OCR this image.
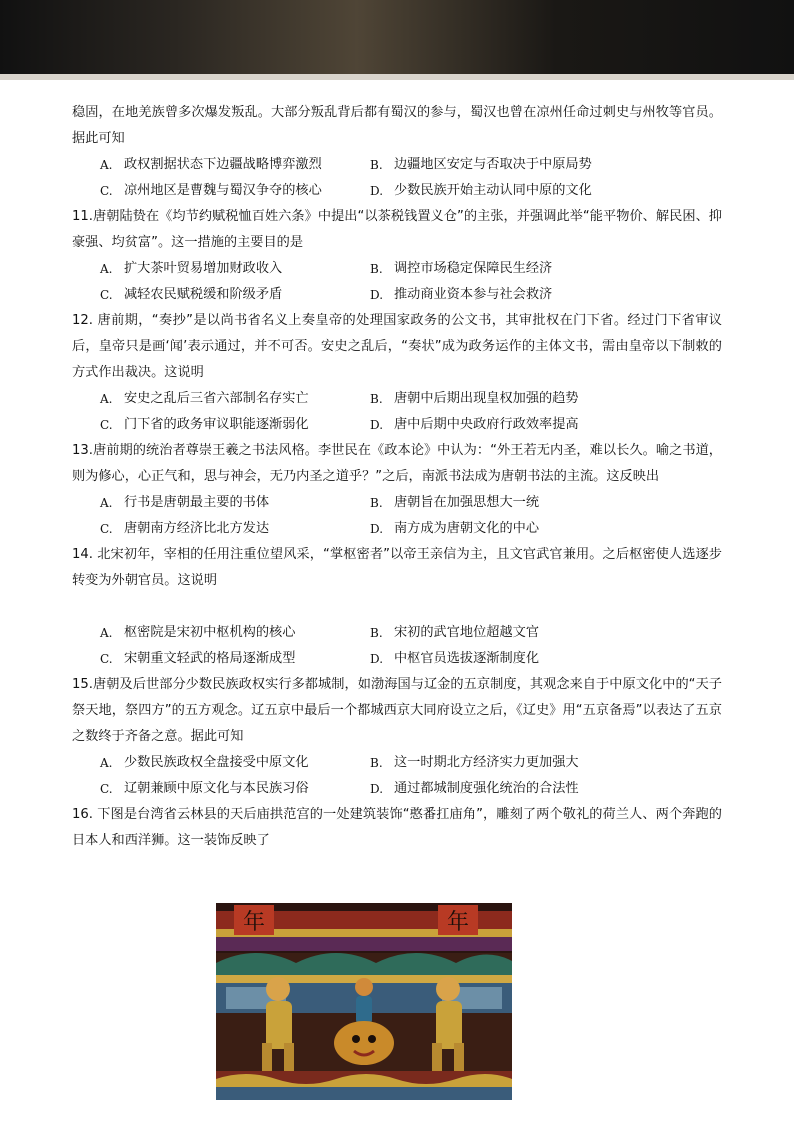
稳固，在地羌族曾多次爆发叛乱。大部分叛乱背后都有蜀汉的参与，蜀汉也曾在凉州任命过刺史与州牧等官员。据此可知

A. 政权割据状态下边疆战略博弈激烈	B. 边疆地区安定与否取决于中原局势
C. 凉州地区是曹魏与蜀汉争夺的核心	D. 少数民族开始主动认同中原的文化

11.唐朝陆贽在《均节约赋税恤百姓六条》中提出“以茶税钱置义仓”的主张，并强调此举“能平物价、解民困、抑豪强、均贫富”。这一措施的主要目的是

A. 扩大茶叶贸易增加财政收入	B. 调控市场稳定保障民生经济
C. 减轻农民赋税缓和阶级矛盾	D. 推动商业资本参与社会救济

12. 唐前期，“奏抄”是以尚书省名义上奏皇帝的处理国家政务的公文书，其审批权在门下省。经过门下省审议后，皇帝只是画‘闻’表示通过，并不可否。安史之乱后，“奏状”成为政务运作的主体文书，需由皇帝以下制敕的方式作出裁决。这说明

A. 安史之乱后三省六部制名存实亡	B. 唐朝中后期出现皇权加强的趋势
C. 门下省的政务审议职能逐渐弱化	D. 唐中后期中央政府行政效率提高

13.唐前期的统治者尊崇王羲之书法风格。李世民在《政本论》中认为：“外王若无内圣，难以长久。喻之书道，则为修心，心正气和，思与神会，无乃内圣之道乎？”之后，南派书法成为唐朝书法的主流。这反映出

A. 行书是唐朝最主要的书体	B. 唐朝旨在加强思想大一统
C. 唐朝南方经济比北方发达	D. 南方成为唐朝文化的中心

14. 北宋初年，宰相的任用注重位望风采，“掌枢密者”以帝王亲信为主，且文官武官兼用。之后枢密使人选逐步转变为外朝官员。这说明

A. 枢密院是宋初中枢机构的核心	B. 宋初的武官地位超越文官
C. 宋朝重文轻武的格局逐渐成型	D. 中枢官员选拔逐渐制度化

15.唐朝及后世部分少数民族政权实行多都城制，如渤海国与辽金的五京制度，其观念来自于中原文化中的“天子祭天地，祭四方”的五方观念。辽五京中最后一个都城西京大同府设立之后，《辽史》用“五京备焉”以表达了五京之数终于齐备之意。据此可知

A. 少数民族政权全盘接受中原文化	B. 这一时期北方经济实力更加强大
C. 辽朝兼顾中原文化与本民族习俗	D. 通过都城制度强化统治的合法性

16. 下图是台湾省云林县的天后庙拱范宫的一处建筑装饰“憨番扛庙角”，雕刻了两个敬礼的荷兰人、两个奔跑的日本人和西洋狮。这一装饰反映了

年	年
